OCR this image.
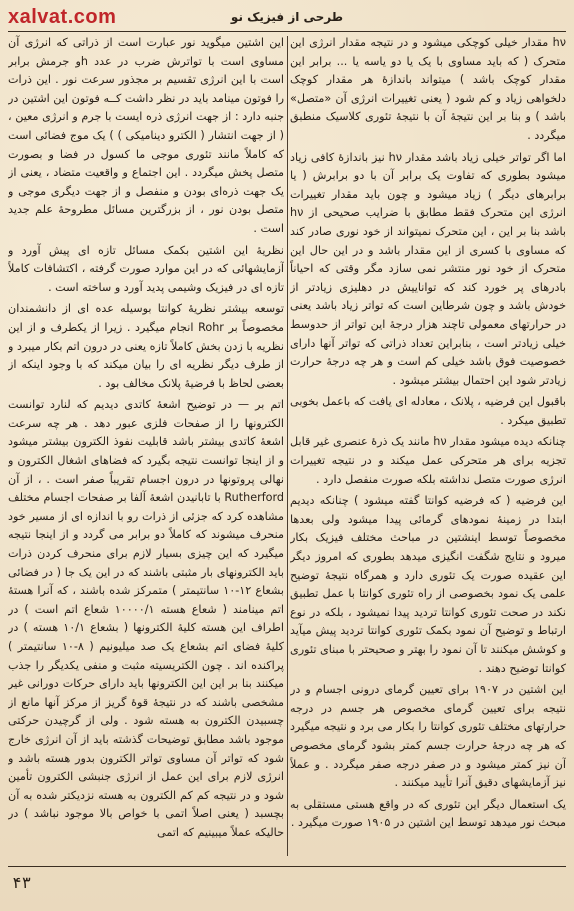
xalvat.com	طرحی از فیزیک نو

hν مقدار خیلی کوچکی میشود و در نتیجه مقدار انرژی این متحرک ( که باید مساوی با یک یا دو یاسه یا ... برابر این مقدار کوچک باشد ) میتواند باندازهٔ هر مقدار کوچک دلخواهی زیاد و کم شود ( یعنی تغییرات انرژی آن «متصل» باشد ) و بنا بر این نتیجهٔ آن با نتیجهٔ تئوری کلاسیک منطبق میگردد .

اما اگر تواتر خیلی زیاد باشد مقدار hν نیز باندازهٔ کافی زیاد میشود بطوری که تفاوت یک برابر آن با دو برابرش ( یا برابرهای دیگر ) زیاد میشود و چون باید مقدار تغییرات انرژی این متحرک فقط مطابق با ضرایب صحیحی از hν باشد بنا بر این ، این متحرک نمیتواند از خود نوری صادر کند که مساوی با کسری از این مقدار باشد و در این حال این متحرک از خود نور منتشر نمی سازد مگر وقتی که احیاناً بادرهای پر خورد کند که تواناییش در دهلیزی زیادتر از خودش باشد و چون شرطاین است که تواتر زیاد باشد یعنی در حرارتهای معمولی تاچند هزار درجهٔ این تواتر از حدوسط خیلی زیادتر است ، بنابراین تعداد ذراتی که تواتر آنها دارای خصوصیت فوق باشد خیلی کم است و هر چه درجهٔ حرارت زیادتر شود این احتمال بیشتر میشود .

باقبول این فرضیه ، پلانک ، معادله ای یافت که باعمل بخوبی تطبیق میکرد .

چنانکه دیده میشود مقدار hν مانند یک ذرهٔ عنصری غیر قابل تجزیه برای هر متحرکی عمل میکند و در نتیجه تغییرات انرژی صورت متصل نداشته بلکه صورت منفصل دارد .

این فرضیه ( که فرضیه کوانتا گفته میشود ) چنانکه دیدیم ابتدا در زمینهٔ نمودهای گرمائی پیدا میشود ولی بعدها مخصوصاً توسط اینشتین در مباحث مختلف فیزیک بکار میرود و نتایج شگفت انگیزی میدهد بطوری که امروز دیگر این عقیده صورت یک تئوری دارد و همرگاه نتیجهٔ توضیح علمی یک نمود بخصوصی از راه تئوری کوانتا با عمل تطبیق نکند در صحت تئوری کوانتا تردید پیدا نمیشود ، بلکه در نوع ارتباط و توضیح آن نمود بکمک تئوری کوانتا تردید پیش میآید و کوشش میکنند تا آن نمود را بهتر و صحیحتر با مبنای تئوری کوانتا توضیح دهند .

این اشتین در ۱۹۰۷ برای تعیین گرمای درونی اجسام و در نتیجه برای تعیین گرمای مخصوص هر جسم در درجه حرارتهای مختلف تئوری کوانتا را بکار می برد و نتیجه میگیرد که هر چه درجهٔ حرارت جسم کمتر بشود گرمای مخصوص آن نیز کمتر میشود و در صفر درجه صفر میگردد . و عملاً نیز آزمایشهای دقیق آنرا تأیید میکنند .

یک استعمال دیگر این تئوری که در واقع هستی مستقلی به مبحث نور میدهد توسط این اشتین در ۱۹۰۵ صورت میگیرد .

این اشتین میگوید نور عبارت است از ذراتی که انرژی آن مساوی است با تواترش ضرب در عدد hو جرمش برابر است با این انرژی تقسیم بر مجذور سرعت نور . این ذرات را فوتون مینامد باید در نظر داشت کــه فوتون این اشتین در جنبه دارد : از جهت انرژی ذره ایست با جرم و انرژی معین ، ( از جهت انتشار ( الکترو دینامیکی ) ) یک موج فضائی است که کاملاً مانند تئوری موجی ما کسول در فضا و بصورت متصل پخش میگردد . این اجتماع و واقعیت متضاد ، یعنی از یک جهت ذره‌ای بودن و منفصل و از جهت دیگری موجی و متصل بودن نور ، از بزرگترین مسائل مطروحهٔ علم جدید است .

نظریهٔ این اشتین بکمک مسائل تازه ای پیش آورد و آزمایشهائی که در این موارد صورت گرفته ، اکتشافات کاملاً تازه ای در فیزیک وشیمی پدید آورد و ساخته است .

توسعه بیشتر نظریهٔ کوانتا بوسیله عده ای از دانشمندان مخصوصاً بر Rohr انجام میگیرد . زیرا از یکطرف و از این نظریه با زدن بخش کاملاً تازه یعنی در درون اتم بکار میبرد و از طرف دیگر نظریه ای را بیان میکند که با وجود اینکه از بعضی لحاظ با فرضیهٔ پلانک مخالف بود .

اتم بر — در توضیح اشعهٔ کاتدی دیدیم که لنارد توانست الکترونها را از صفحات فلزی عبور دهد . هر چه سرعت اشعهٔ کاتدی بیشتر باشد قابلیت نفوذ الکترون بیشتر میشود و از اینجا توانست نتیجه بگیرد که فضاهای اشغال الکترون و نهالی پروتونها در درون اجسام تقریباً صفر است . ، از آن Rutherford با تابانیدن اشعهٔ آلفا بر صفحات اجسام مختلف مشاهده کرد که جزئی از ذرات رو با اندازه ای از مسیر خود منحرف میشوند که کاملاً دو برابر می گردد و از اینجا نتیجه میگیرد که این چیزی بسیار لازم برای منحرف کردن ذرات باید الکترونهای بار مثبتی باشند که در این یک جا ( در فضائی بشعاع ۱۲-۱۰ سانتیمتر ) متمرکز شده باشند ، که آنرا هستهٔ اتم مینامند ( شعاع هسته ۱۰۰۰۰/۱ شعاع اتم است ) در اطراف این هسته کلیهٔ الکترونها ( بشعاع ۱۰/۱ هسته ) در کلیهٔ فضای اتم بشعاع یک صد میلیونیم ( ۸-۱۰ سانتیمتر ) پراکنده اند . چون الکتریسیته مثبت و منفی یکدیگر را جذب میکنند بنا بر این این الکترونها باید دارای حرکات دورانی غیر مشخصی باشند که در نتیجهٔ قوهٔ گریز از مرکز آنها مانع از چسبیدن الکترون به هسته شود . ولی از گرچیدن حرکتی موجود باشد مطابق توضیحات گذشته باید از آن انرژی خارج شود که تواتر آن مساوی تواتر الکترون بدور هسته باشد و انرژی لازم برای این عمل از انرژی جنبشی الکترون تأمین شود و در نتیجه کم کم الکترون به هسته نزدیکتر شده به آن بچسبد ( یعنی اصلاً اتمی با خواص بالا موجود نباشد ) در حالیکه عملاً میبینیم که اتمی

۴۳
